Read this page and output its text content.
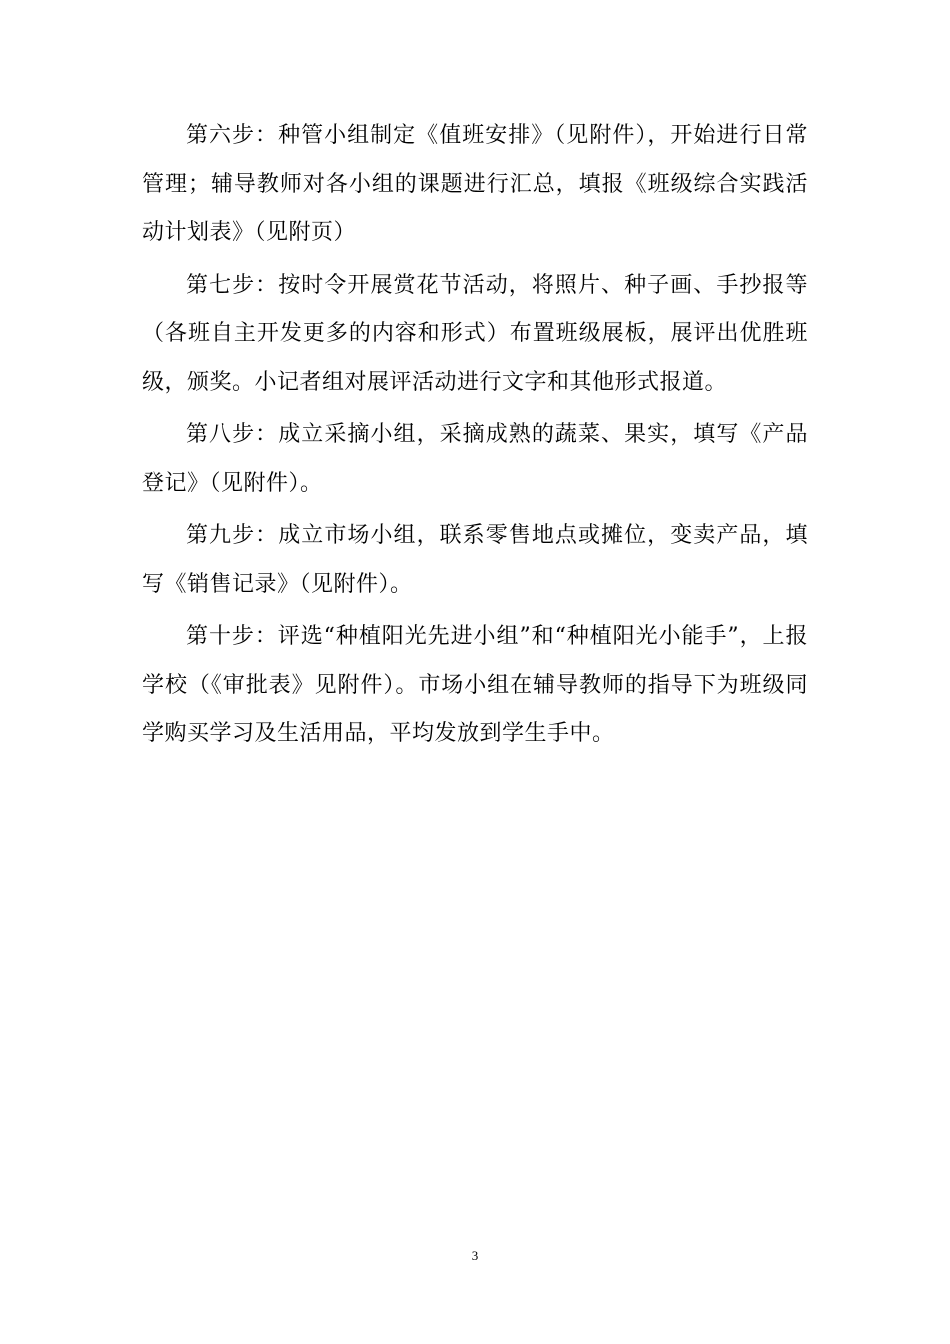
第六步：种管小组制定《值班安排》（见附件），开始进行日常管理；辅导教师对各小组的课题进行汇总，填报《班级综合实践活动计划表》（见附页）

第七步：按时令开展赏花节活动，将照片、种子画、手抄报等（各班自主开发更多的内容和形式）布置班级展板，展评出优胜班级，颁奖。小记者组对展评活动进行文字和其他形式报道。

第八步：成立采摘小组，采摘成熟的蔬菜、果实，填写《产品登记》（见附件）。

第九步：成立市场小组，联系零售地点或摊位，变卖产品，填写《销售记录》（见附件）。

第十步：评选“种植阳光先进小组”和“种植阳光小能手”，上报学校（《审批表》见附件）。市场小组在辅导教师的指导下为班级同学购买学习及生活用品，平均发放到学生手中。

3
